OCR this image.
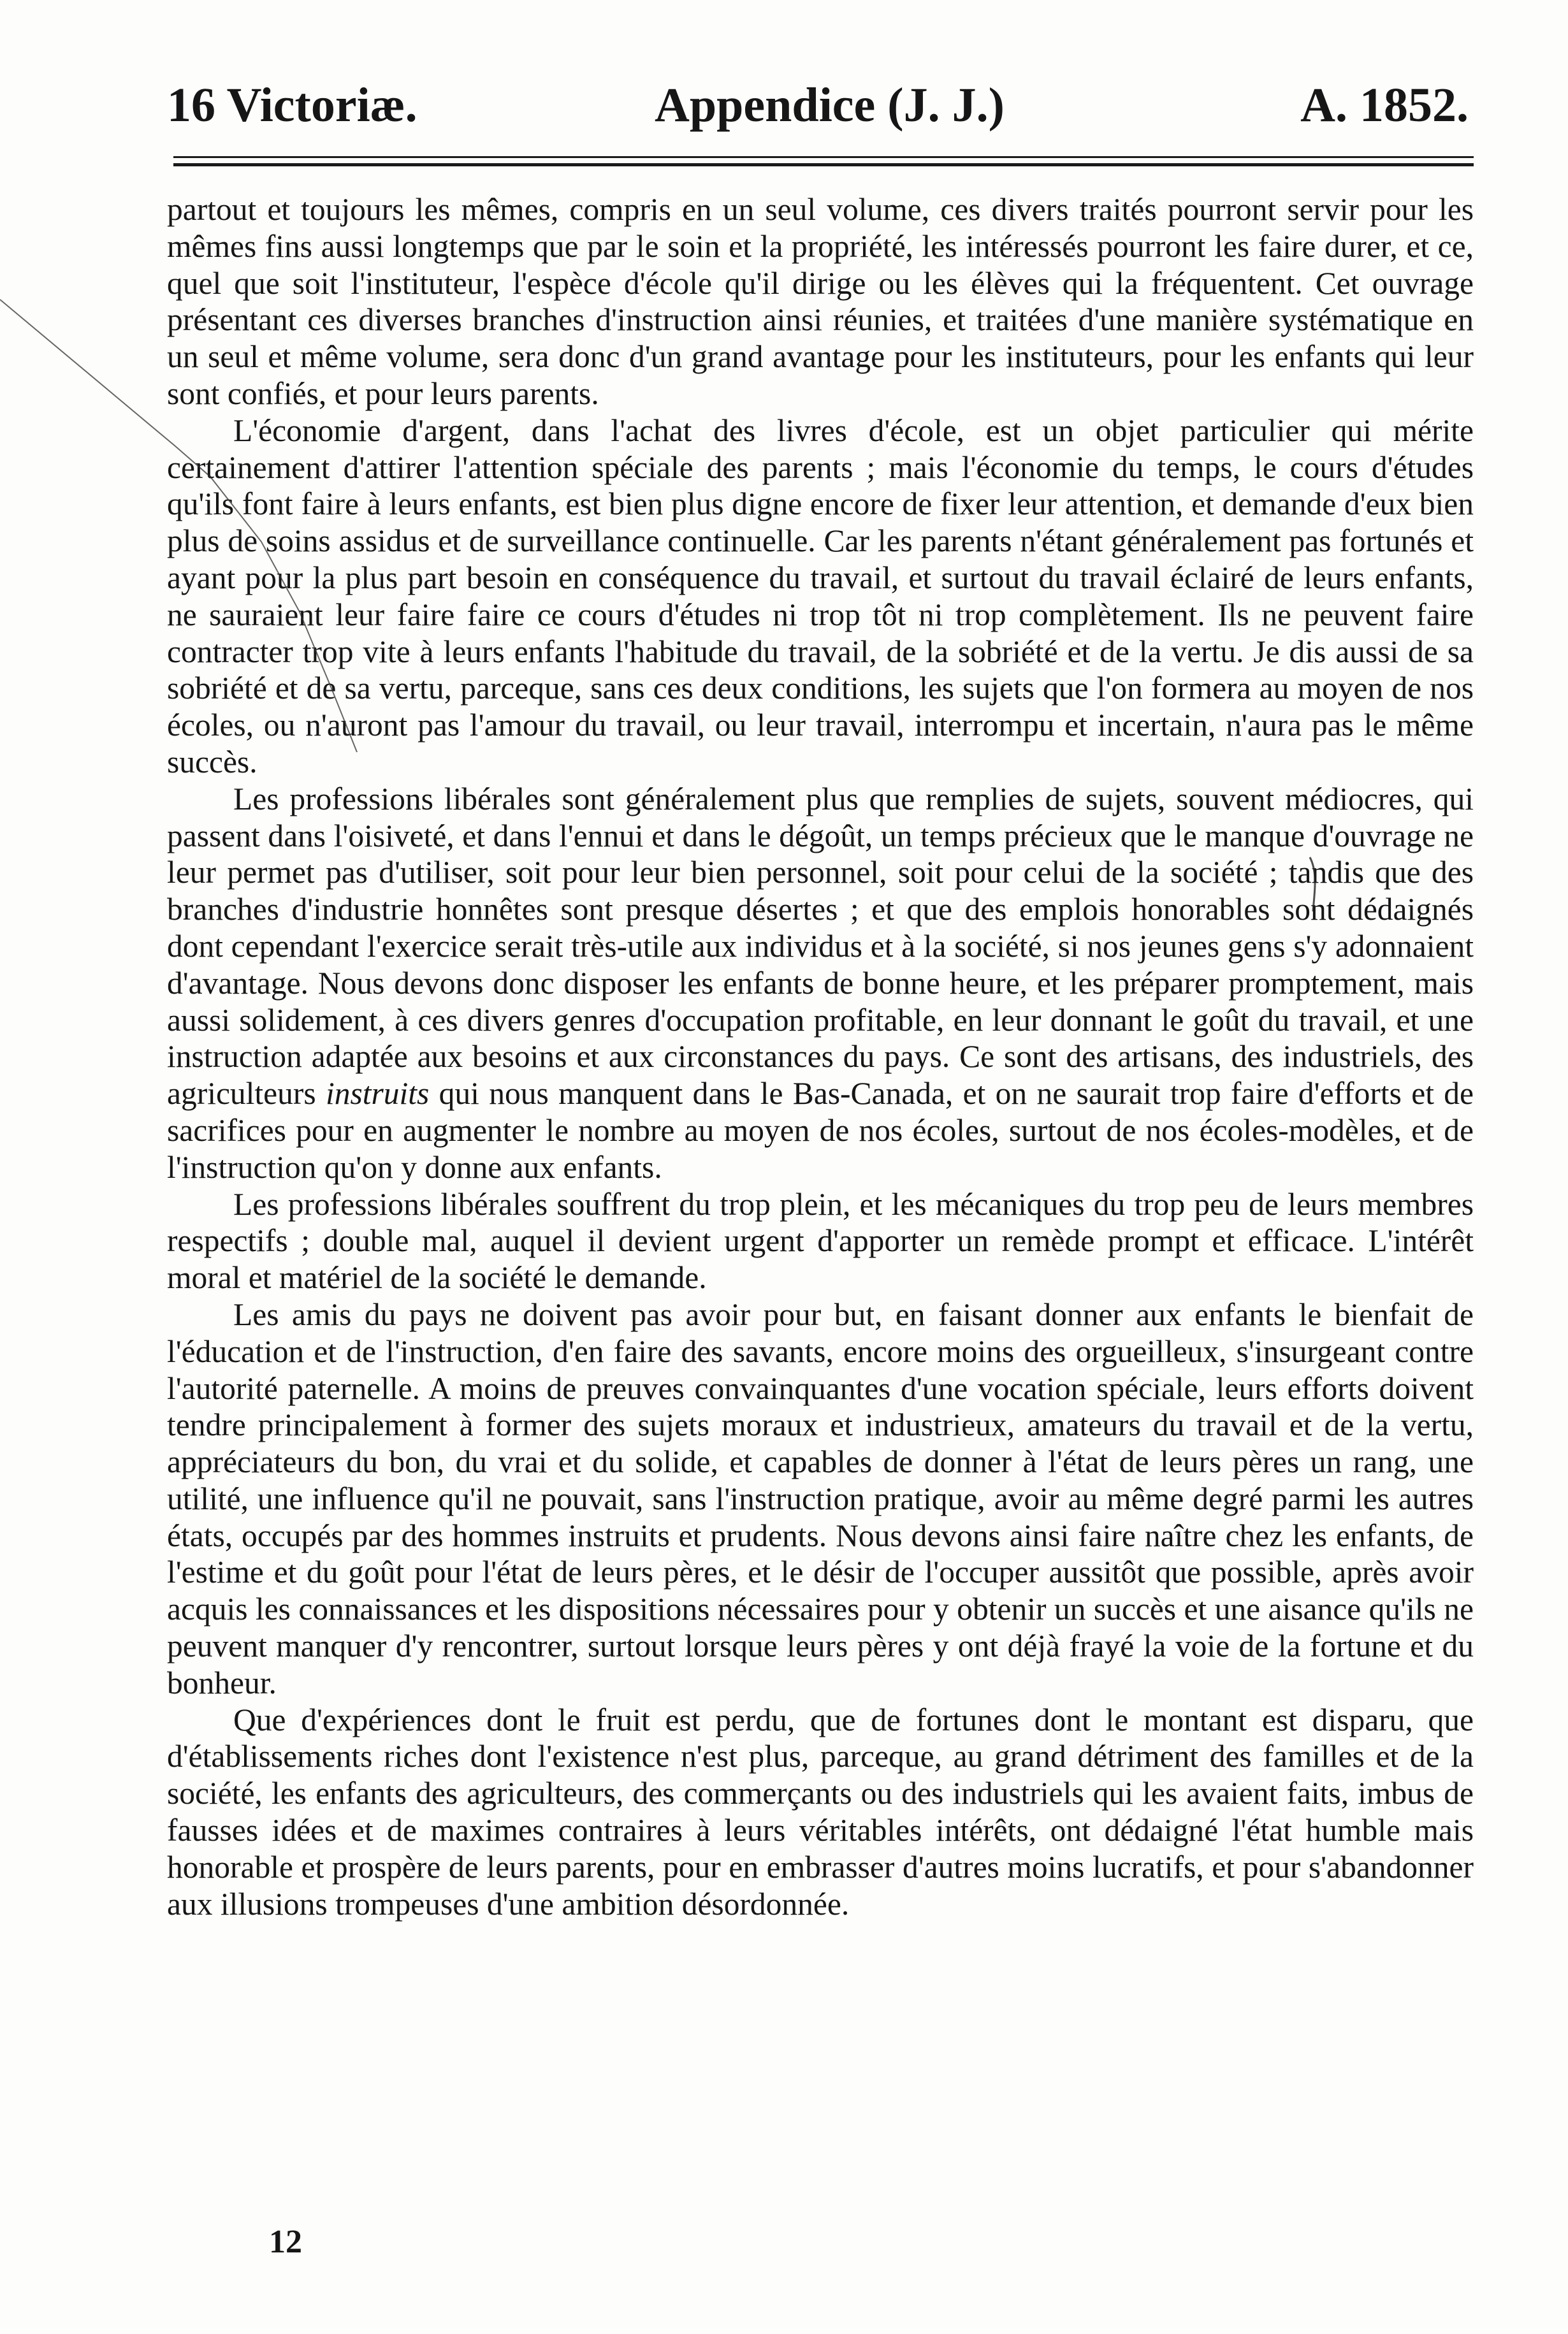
16 Victoriæ.	Appendice (J. J.)	A. 1852.

partout et toujours les mêmes, compris en un seul volume, ces divers traités pourront servir pour les mêmes fins aussi longtemps que par le soin et la propriété, les intéressés pourront les faire durer, et ce, quel que soit l'instituteur, l'espèce d'école qu'il dirige ou les élèves qui la fréquentent. Cet ouvrage présentant ces diverses branches d'instruction ainsi réunies, et traitées d'une manière systématique en un seul et même volume, sera donc d'un grand avantage pour les instituteurs, pour les enfants qui leur sont confiés, et pour leurs parents.

L'économie d'argent, dans l'achat des livres d'école, est un objet particulier qui mérite certainement d'attirer l'attention spéciale des parents ; mais l'économie du temps, le cours d'études qu'ils font faire à leurs enfants, est bien plus digne encore de fixer leur attention, et demande d'eux bien plus de soins assidus et de surveillance continuelle. Car les parents n'étant généralement pas fortunés et ayant pour la plus part besoin en conséquence du travail, et surtout du travail éclairé de leurs enfants, ne sauraient leur faire faire ce cours d'études ni trop tôt ni trop complètement. Ils ne peuvent faire contracter trop vite à leurs enfants l'habitude du travail, de la sobriété et de la vertu. Je dis aussi de sa sobriété et de sa vertu, parceque, sans ces deux conditions, les sujets que l'on formera au moyen de nos écoles, ou n'auront pas l'amour du travail, ou leur travail, interrompu et incertain, n'aura pas le même succès.

Les professions libérales sont généralement plus que remplies de sujets, souvent médiocres, qui passent dans l'oisiveté, et dans l'ennui et dans le dégoût, un temps précieux que le manque d'ouvrage ne leur permet pas d'utiliser, soit pour leur bien personnel, soit pour celui de la société ; tandis que des branches d'industrie honnêtes sont presque désertes ; et que des emplois honorables sont dédaignés dont cependant l'exercice serait très-utile aux individus et à la société, si nos jeunes gens s'y adonnaient d'avantage. Nous devons donc disposer les enfants de bonne heure, et les préparer promptement, mais aussi solidement, à ces divers genres d'occupation profitable, en leur donnant le goût du travail, et une instruction adaptée aux besoins et aux circonstances du pays. Ce sont des artisans, des industriels, des agriculteurs instruits qui nous manquent dans le Bas-Canada, et on ne saurait trop faire d'efforts et de sacrifices pour en augmenter le nombre au moyen de nos écoles, surtout de nos écoles-modèles, et de l'instruction qu'on y donne aux enfants.

Les professions libérales souffrent du trop plein, et les mécaniques du trop peu de leurs membres respectifs ; double mal, auquel il devient urgent d'apporter un remède prompt et efficace. L'intérêt moral et matériel de la société le demande.

Les amis du pays ne doivent pas avoir pour but, en faisant donner aux enfants le bienfait de l'éducation et de l'instruction, d'en faire des savants, encore moins des orgueilleux, s'insurgeant contre l'autorité paternelle. A moins de preuves convainquantes d'une vocation spéciale, leurs efforts doivent tendre principalement à former des sujets moraux et industrieux, amateurs du travail et de la vertu, appréciateurs du bon, du vrai et du solide, et capables de donner à l'état de leurs pères un rang, une utilité, une influence qu'il ne pouvait, sans l'instruction pratique, avoir au même degré parmi les autres états, occupés par des hommes instruits et prudents. Nous devons ainsi faire naître chez les enfants, de l'estime et du goût pour l'état de leurs pères, et le désir de l'occuper aussitôt que possible, après avoir acquis les connaissances et les dispositions nécessaires pour y obtenir un succès et une aisance qu'ils ne peuvent manquer d'y rencontrer, surtout lorsque leurs pères y ont déjà frayé la voie de la fortune et du bonheur.

Que d'expériences dont le fruit est perdu, que de fortunes dont le montant est disparu, que d'établissements riches dont l'existence n'est plus, parceque, au grand détriment des familles et de la société, les enfants des agriculteurs, des commerçants ou des industriels qui les avaient faits, imbus de fausses idées et de maximes contraires à leurs véritables intérêts, ont dédaigné l'état humble mais honorable et prospère de leurs parents, pour en embrasser d'autres moins lucratifs, et pour s'abandonner aux illusions trompeuses d'une ambition désordonnée.

12
